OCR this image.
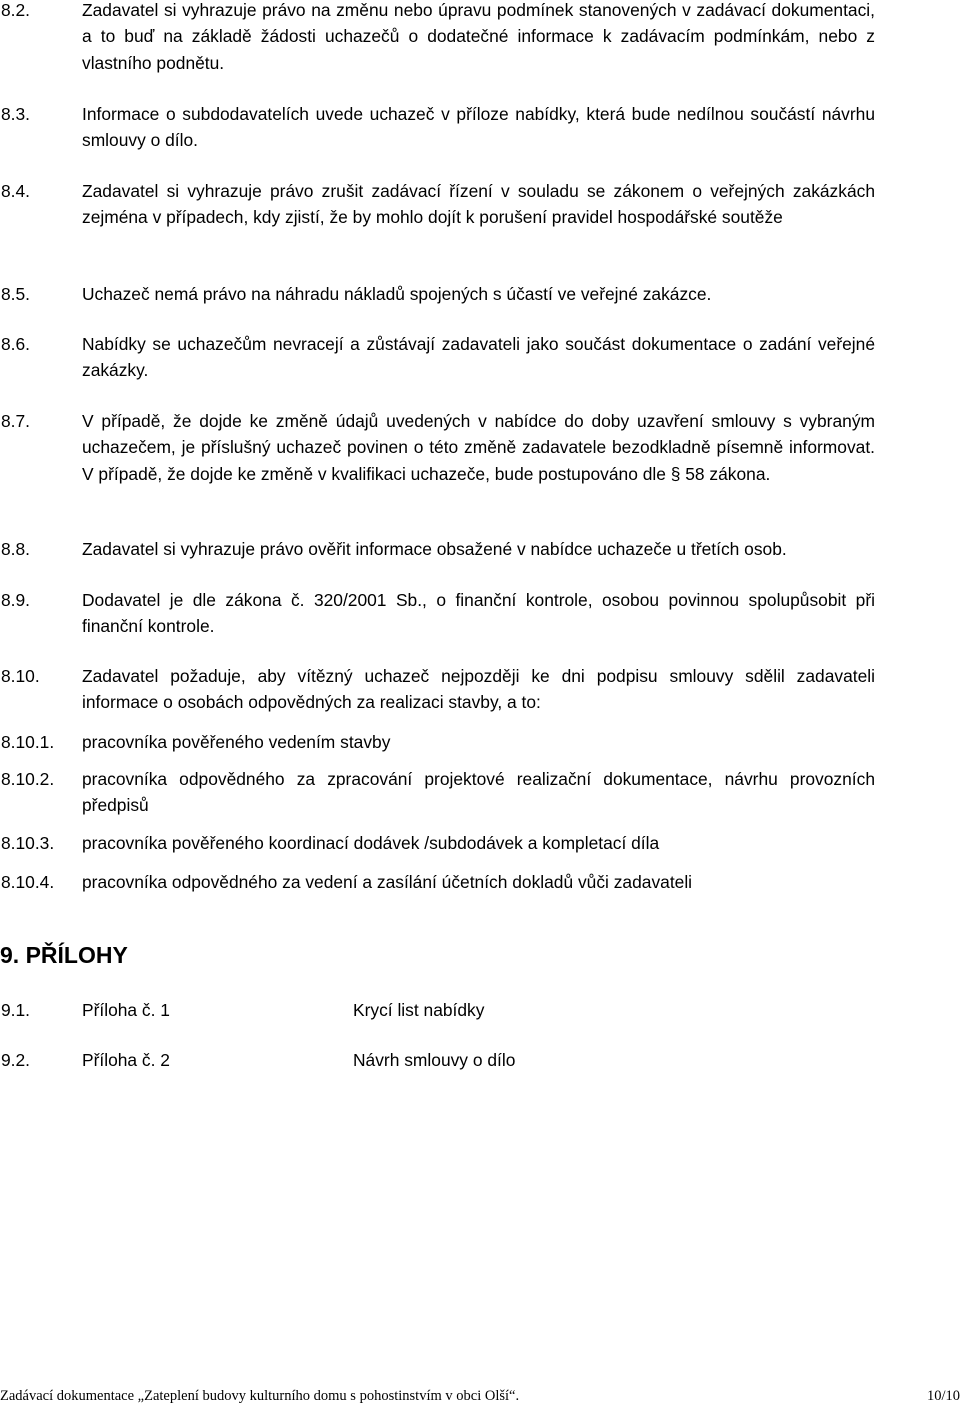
8.2.	Zadavatel si vyhrazuje právo na změnu nebo úpravu podmínek stanovených v zadávací dokumentaci, a to buď na základě žádosti uchazečů o dodatečné informace k zadávacím podmínkám, nebo z vlastního podnětu.
8.3.	Informace o subdodavatelích uvede uchazeč v příloze nabídky, která bude nedílnou součástí návrhu smlouvy o dílo.
8.4.	Zadavatel si vyhrazuje právo zrušit zadávací řízení v souladu se zákonem o veřejných zakázkách zejména v případech, kdy zjistí, že by mohlo dojít k porušení pravidel hospodářské soutěže
8.5.	Uchazeč nemá právo na náhradu nákladů spojených s účastí ve veřejné zakázce.
8.6.	Nabídky se uchazečům nevracejí a zůstávají zadavateli jako součást dokumentace o zadání veřejné zakázky.
8.7.	V případě, že dojde ke změně údajů uvedených v nabídce do doby uzavření smlouvy s vybraným uchazečem, je příslušný uchazeč povinen o této změně zadavatele bezodkladně písemně informovat. V případě, že dojde ke změně v kvalifikaci uchazeče, bude postupováno dle § 58 zákona.
8.8.	Zadavatel si vyhrazuje právo ověřit informace obsažené v nabídce uchazeče u třetích osob.
8.9.	Dodavatel je dle zákona č. 320/2001 Sb., o finanční kontrole, osobou povinnou spolupůsobit při finanční kontrole.
8.10. Zadavatel požaduje, aby vítězný uchazeč nejpozději ke dni podpisu smlouvy sdělil zadavateli informace o osobách odpovědných za realizaci stavby, a to:
8.10.1. pracovníka pověřeného vedením stavby
8.10.2. pracovníka odpovědného za zpracování projektové realizační dokumentace, návrhu provozních předpisů
8.10.3. pracovníka pověřeného koordinací dodávek /subdodávek a kompletací díla
8.10.4. pracovníka odpovědného za vedení a zasílání účetních dokladů vůči zadavateli
9. PŘÍLOHY
9.1.	Příloha č. 1	Krycí list nabídky
9.2.	Příloha č. 2	Návrh smlouvy o dílo
Zadávací dokumentace „Zateplení budovy kulturního domu s pohostinstvím v obci Olší“.	10/10
